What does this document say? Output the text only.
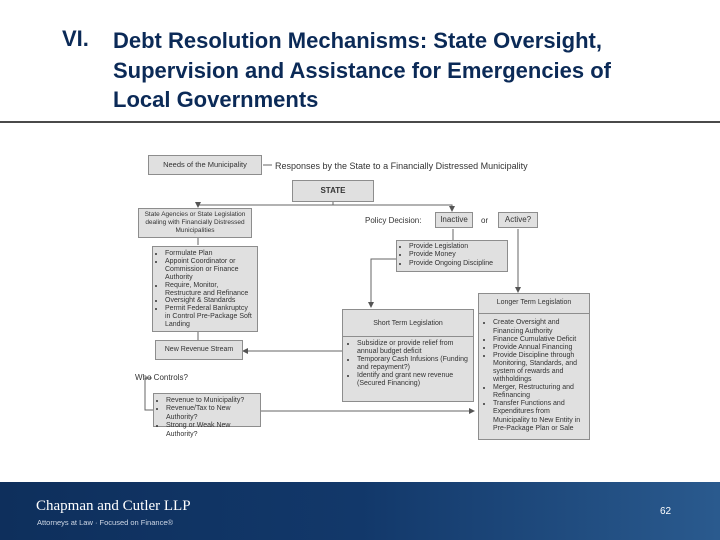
VI. Debt Resolution Mechanisms: State Oversight,
Supervision and Assistance for Emergencies of
Local Governments
Needs of the Municipality	Responses by the State to a Financially Distressed Municipality
STATE
State Agencies or State Legislation dealing with Financially Distressed Municipalities
Policy Decision:	Inactive	or	Active?
• Provide Legislation
• Provide Money
• Provide Ongoing Discipline
• Formulate Plan
• Appoint Coordinator or Commission or Finance Authority
• Require, Monitor, Restructure and Refinance
• Oversight & Standards
• Permit Federal Bankruptcy in Control Pre-Package Soft Landing
New Revenue Stream
Who Controls?
• Revenue to Municipality?
• Revenue/Tax to New Authority?
• Strong or Weak New Authority?
Short Term Legislation
• Subsidize or provide relief from annual budget deficit
• Temporary Cash Infusions (Funding and repayment?)
• Identify and grant new revenue (Secured Financing)
Longer Term Legislation
• Create Oversight and Financing Authority
• Finance Cumulative Deficit
• Provide Annual Financing
• Provide Discipline through Monitoring, Standards, and system of rewards and withholdings
• Merger, Restructuring and Refinancing
• Transfer Functions and Expenditures from Municipality to New Entity in Pre-Package Plan or Sale
Chapman and Cutler LLP
Attorneys at Law · Focused on Finance®
62
